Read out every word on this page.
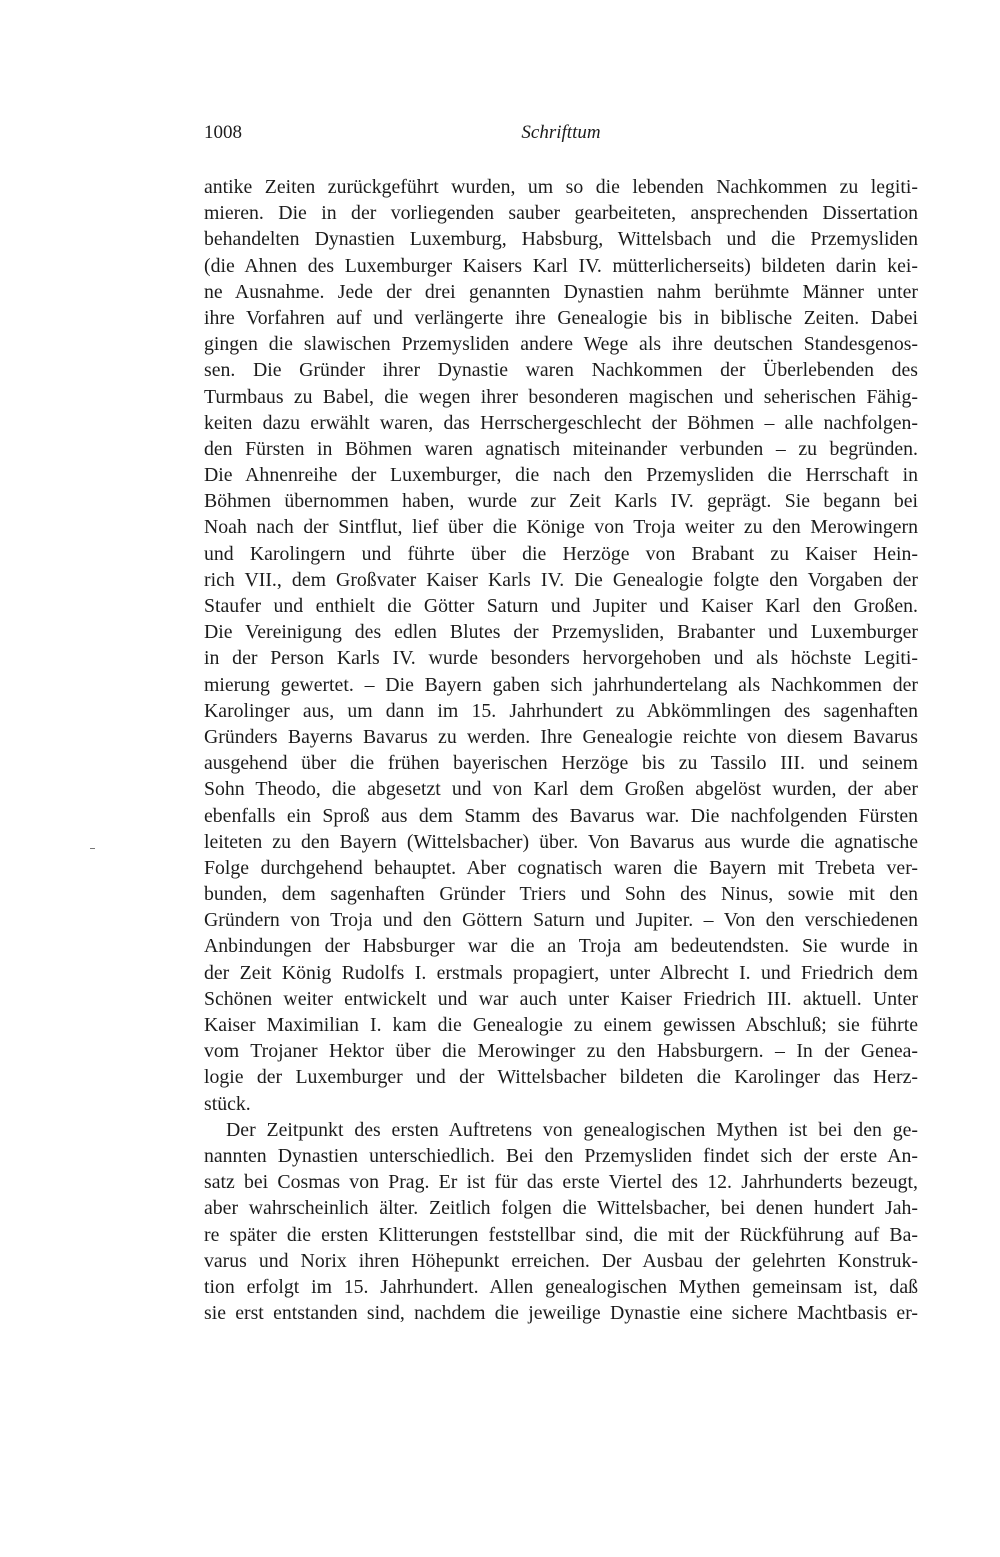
1008	Schrifttum
antike Zeiten zurückgeführt wurden, um so die lebenden Nachkommen zu legiti-
mieren. Die in der vorliegenden sauber gearbeiteten, ansprechenden Dissertation
behandelten Dynastien Luxemburg, Habsburg, Wittelsbach und die Przemysliden
(die Ahnen des Luxemburger Kaisers Karl IV. mütterlicherseits) bildeten darin kei-
ne Ausnahme. Jede der drei genannten Dynastien nahm berühmte Männer unter
ihre Vorfahren auf und verlängerte ihre Genealogie bis in biblische Zeiten. Dabei
gingen die slawischen Przemysliden andere Wege als ihre deutschen Standesgenos-
sen. Die Gründer ihrer Dynastie waren Nachkommen der Überlebenden des
Turmbaus zu Babel, die wegen ihrer besonderen magischen und seherischen Fähig-
keiten dazu erwählt waren, das Herrschergeschlecht der Böhmen – alle nachfolgen-
den Fürsten in Böhmen waren agnatisch miteinander verbunden – zu begründen.
Die Ahnenreihe der Luxemburger, die nach den Przemysliden die Herrschaft in
Böhmen übernommen haben, wurde zur Zeit Karls IV. geprägt. Sie begann bei
Noah nach der Sintflut, lief über die Könige von Troja weiter zu den Merowingern
und Karolingern und führte über die Herzöge von Brabant zu Kaiser Hein-
rich VII., dem Großvater Kaiser Karls IV. Die Genealogie folgte den Vorgaben der
Staufer und enthielt die Götter Saturn und Jupiter und Kaiser Karl den Großen.
Die Vereinigung des edlen Blutes der Przemysliden, Brabanter und Luxemburger
in der Person Karls IV. wurde besonders hervorgehoben und als höchste Legiti-
mierung gewertet. – Die Bayern gaben sich jahrhundertelang als Nachkommen der
Karolinger aus, um dann im 15. Jahrhundert zu Abkömmlingen des sagenhaften
Gründers Bayerns Bavarus zu werden. Ihre Genealogie reichte von diesem Bavarus
ausgehend über die frühen bayerischen Herzöge bis zu Tassilo III. und seinem
Sohn Theodo, die abgesetzt und von Karl dem Großen abgelöst wurden, der aber
ebenfalls ein Sproß aus dem Stamm des Bavarus war. Die nachfolgenden Fürsten
leiteten zu den Bayern (Wittelsbacher) über. Von Bavarus aus wurde die agnatische
Folge durchgehend behauptet. Aber cognatisch waren die Bayern mit Trebeta ver-
bunden, dem sagenhaften Gründer Triers und Sohn des Ninus, sowie mit den
Gründern von Troja und den Göttern Saturn und Jupiter. – Von den verschiedenen
Anbindungen der Habsburger war die an Troja am bedeutendsten. Sie wurde in
der Zeit König Rudolfs I. erstmals propagiert, unter Albrecht I. und Friedrich dem
Schönen weiter entwickelt und war auch unter Kaiser Friedrich III. aktuell. Unter
Kaiser Maximilian I. kam die Genealogie zu einem gewissen Abschluß; sie führte
vom Trojaner Hektor über die Merowinger zu den Habsburgern. – In der Genea-
logie der Luxemburger und der Wittelsbacher bildeten die Karolinger das Herz-
stück.
Der Zeitpunkt des ersten Auftretens von genealogischen Mythen ist bei den ge-
nannten Dynastien unterschiedlich. Bei den Przemysliden findet sich der erste An-
satz bei Cosmas von Prag. Er ist für das erste Viertel des 12. Jahrhunderts bezeugt,
aber wahrscheinlich älter. Zeitlich folgen die Wittelsbacher, bei denen hundert Jah-
re später die ersten Klitterungen feststellbar sind, die mit der Rückführung auf Ba-
varus und Norix ihren Höhepunkt erreichen. Der Ausbau der gelehrten Konstruk-
tion erfolgt im 15. Jahrhundert. Allen genealogischen Mythen gemeinsam ist, daß
sie erst entstanden sind, nachdem die jeweilige Dynastie eine sichere Machtbasis er-
